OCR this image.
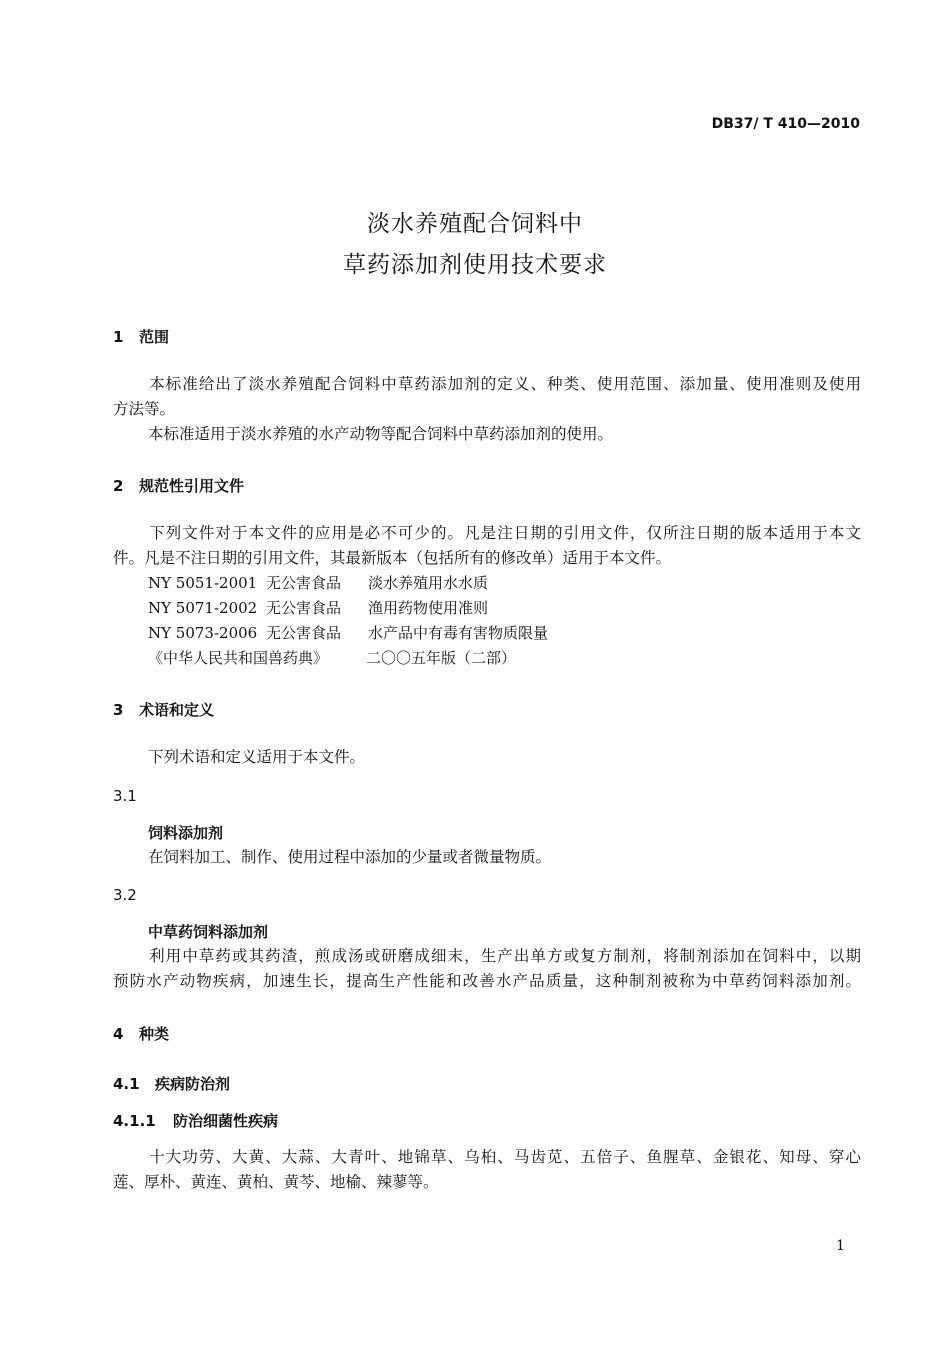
DB37/ T 410—2010
淡水养殖配合饲料中
草药添加剂使用技术要求
1 范围
本标准给出了淡水养殖配合饲料中草药添加剂的定义、种类、使用范围、添加量、使用准则及使用
方法等。
本标准适用于淡水养殖的水产动物等配合饲料中草药添加剂的使用。
2 规范性引用文件
下列文件对于本文件的应用是必不可少的。凡是注日期的引用文件，仅所注日期的版本适用于本文
件。凡是不注日期的引用文件，其最新版本（包括所有的修改单）适用于本文件。
NY 5051-2001 无公害食品 淡水养殖用水水质
NY 5071-2002 无公害食品 渔用药物使用准则
NY 5073-2006 无公害食品 水产品中有毒有害物质限量
《中华人民共和国兽药典》	二〇〇五年版（二部）
3 术语和定义
下列术语和定义适用于本文件。
3.1
饲料添加剂
在饲料加工、制作、使用过程中添加的少量或者微量物质。
3.2
中草药饲料添加剂
利用中草药或其药渣，煎成汤或研磨成细末，生产出单方或复方制剂，将制剂添加在饲料中，以期
预防水产动物疾病，加速生长，提高生产性能和改善水产品质量，这种制剂被称为中草药饲料添加剂。
4 种类
4.1 疾病防治剂
4.1.1 防治细菌性疾病
十大功劳、大黄、大蒜、大青叶、地锦草、乌桕、马齿苋、五倍子、鱼腥草、金银花、知母、穿心
莲、厚朴、黄连、黄柏、黄芩、地榆、辣蓼等。
1
